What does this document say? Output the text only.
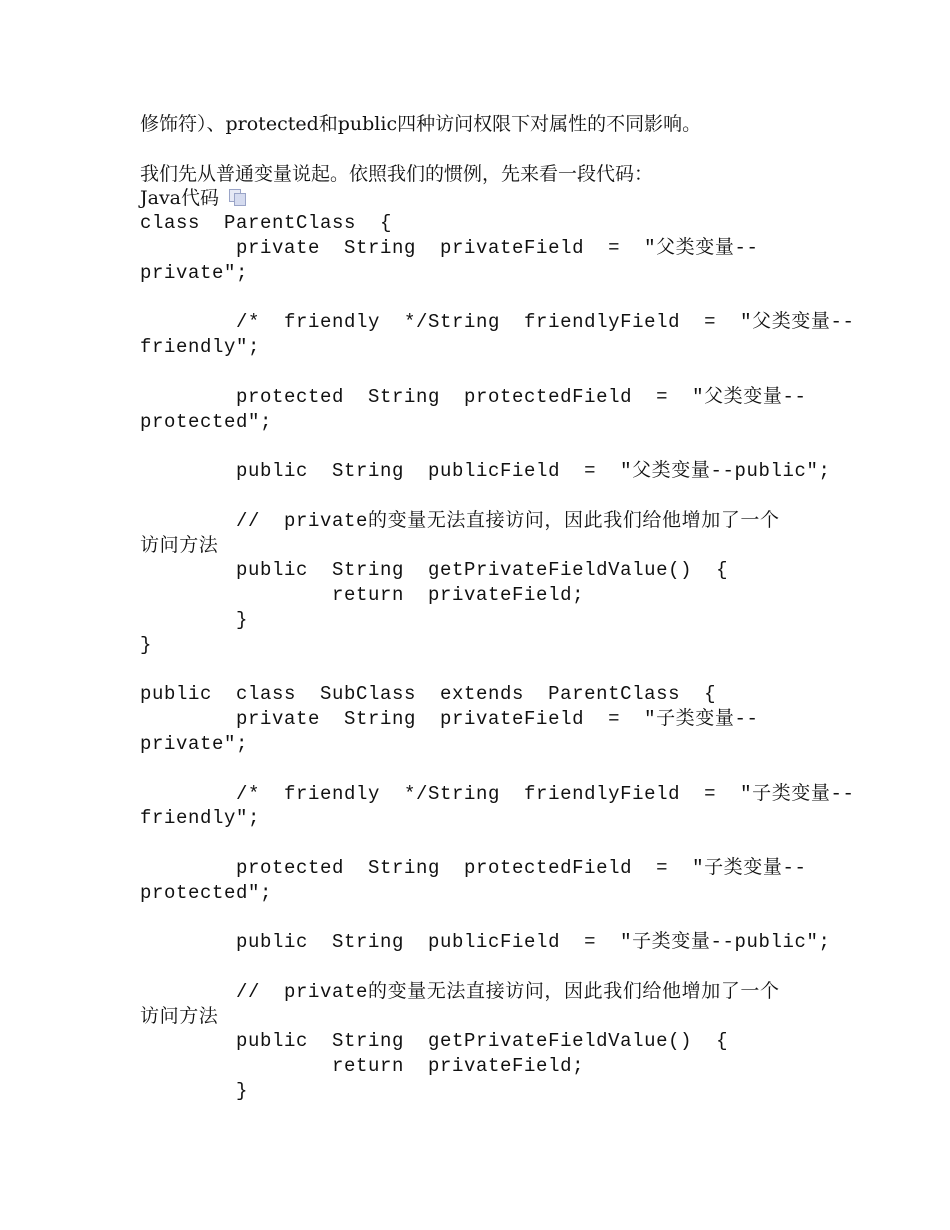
修饰符）、protected和public四种访问权限下对属性的不同影响。
我们先从普通变量说起。依照我们的惯例，先来看一段代码：
Java代码
class  ParentClass  {
private  String  privateField  =  "父类变量--
private";
/*  friendly  */String  friendlyField  =  "父类变量--
friendly";
protected  String  protectedField  =  "父类变量--
protected";
public  String  publicField  =  "父类变量--public";
//  private的变量无法直接访问，因此我们给他增加了一个
访问方法
public  String  getPrivateFieldValue()  {
return  privateField;
}
}
public  class  SubClass  extends  ParentClass  {
private  String  privateField  =  "子类变量--
private";
/*  friendly  */String  friendlyField  =  "子类变量--
friendly";
protected  String  protectedField  =  "子类变量--
protected";
public  String  publicField  =  "子类变量--public";
//  private的变量无法直接访问，因此我们给他增加了一个
访问方法
public  String  getPrivateFieldValue()  {
return  privateField;
}
